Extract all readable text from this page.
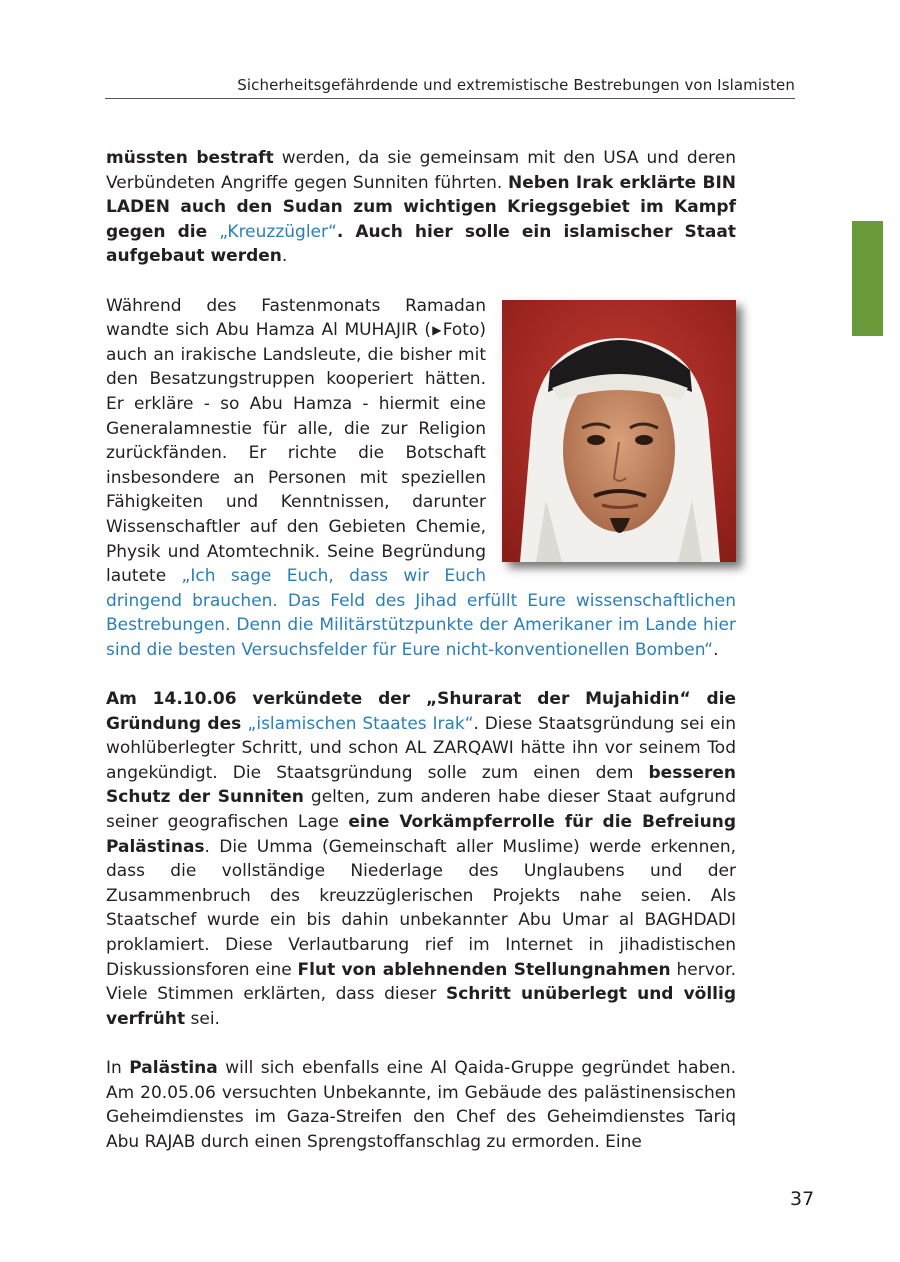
Sicherheitsgefährdende und extremistische Bestrebungen von Islamisten

müssten bestraft werden, da sie gemeinsam mit den USA und deren Verbündeten Angriffe gegen Sunniten führten. Neben Irak erklärte BIN LADEN auch den Sudan zum wichtigen Kriegsgebiet im Kampf gegen die „Kreuzzügler“. Auch hier solle ein islamischer Staat aufgebaut werden.

Während des Fastenmonats Ramadan wandte sich Abu Hamza Al MUHAJIR (▶Foto) auch an irakische Landsleute, die bisher mit den Besatzungstruppen kooperiert hätten. Er erkläre - so Abu Hamza - hiermit eine Generalamnestie für alle, die zur Religion zurückfänden. Er richte die Botschaft insbesondere an Personen mit speziellen Fähigkeiten und Kenntnissen, darunter Wissenschaftler auf den Gebieten Chemie, Physik und Atomtechnik. Seine Begründung lautete „Ich sage Euch, dass wir Euch dringend brauchen. Das Feld des Jihad erfüllt Eure wissenschaftlichen Bestrebungen. Denn die Militärstützpunkte der Amerikaner im Lande hier sind die besten Versuchsfelder für Eure nicht-konventionellen Bomben“.

Am 14.10.06 verkündete der „Shurarat der Mujahidin“ die Gründung des „islamischen Staates Irak“. Diese Staatsgründung sei ein wohlüberlegter Schritt, und schon AL ZARQAWI hätte ihn vor seinem Tod angekündigt. Die Staatsgründung solle zum einen dem besseren Schutz der Sunniten gelten, zum anderen habe dieser Staat aufgrund seiner geografischen Lage eine Vorkämpferrolle für die Befreiung Palästinas. Die Umma (Gemeinschaft aller Muslime) werde erkennen, dass die vollständige Niederlage des Unglaubens und der Zusammenbruch des kreuzzüglerischen Projekts nahe seien. Als Staatschef wurde ein bis dahin unbekannter Abu Umar al BAGHDADI proklamiert. Diese Verlautbarung rief im Internet in jihadistischen Diskussionsforen eine Flut von ablehnenden Stellungnahmen hervor. Viele Stimmen erklärten, dass dieser Schritt unüberlegt und völlig verfrüht sei.

In Palästina will sich ebenfalls eine Al Qaida-Gruppe gegründet haben. Am 20.05.06 versuchten Unbekannte, im Gebäude des palästinensischen Geheimdienstes im Gaza-Streifen den Chef des Geheimdienstes Tariq Abu RAJAB durch einen Sprengstoffanschlag zu ermorden. Eine

37
